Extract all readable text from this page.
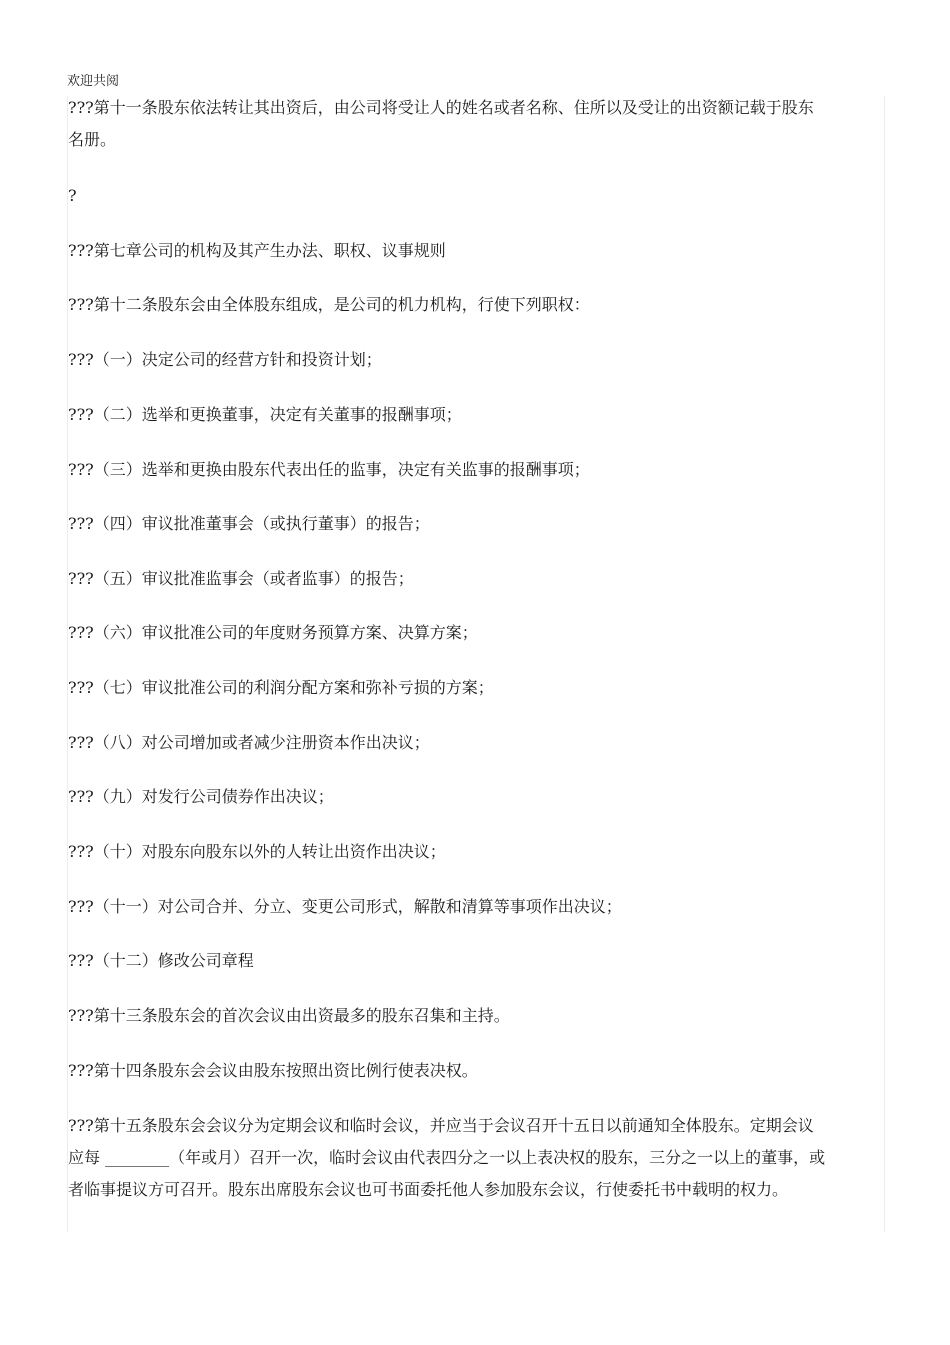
欢迎共阅

???第十一条股东依法转让其出资后，由公司将受让人的姓名或者名称、住所以及受让的出资额记载于股东名册。

?

???第七章公司的机构及其产生办法、职权、议事规则

???第十二条股东会由全体股东组成，是公司的机力机构，行使下列职权：

???（一）决定公司的经营方针和投资计划；

???（二）选举和更换董事，决定有关董事的报酬事项；

???（三）选举和更换由股东代表出任的监事，决定有关监事的报酬事项；

???（四）审议批准董事会（或执行董事）的报告；

???（五）审议批准监事会（或者监事）的报告；

???（六）审议批准公司的年度财务预算方案、决算方案；

???（七）审议批准公司的利润分配方案和弥补亏损的方案；

???（八）对公司增加或者减少注册资本作出决议；

???（九）对发行公司债券作出决议；

???（十）对股东向股东以外的人转让出资作出决议；

???（十一）对公司合并、分立、变更公司形式，解散和清算等事项作出决议；

???（十二）修改公司章程

???第十三条股东会的首次会议由出资最多的股东召集和主持。

???第十四条股东会会议由股东按照出资比例行使表决权。

???第十五条股东会会议分为定期会议和临时会议，并应当于会议召开十五日以前通知全体股东。定期会议应每 ________（年或月）召开一次，临时会议由代表四分之一以上表决权的股东，三分之一以上的董事，或者临事提议方可召开。股东出席股东会议也可书面委托他人参加股东会议，行使委托书中载明的权力。
